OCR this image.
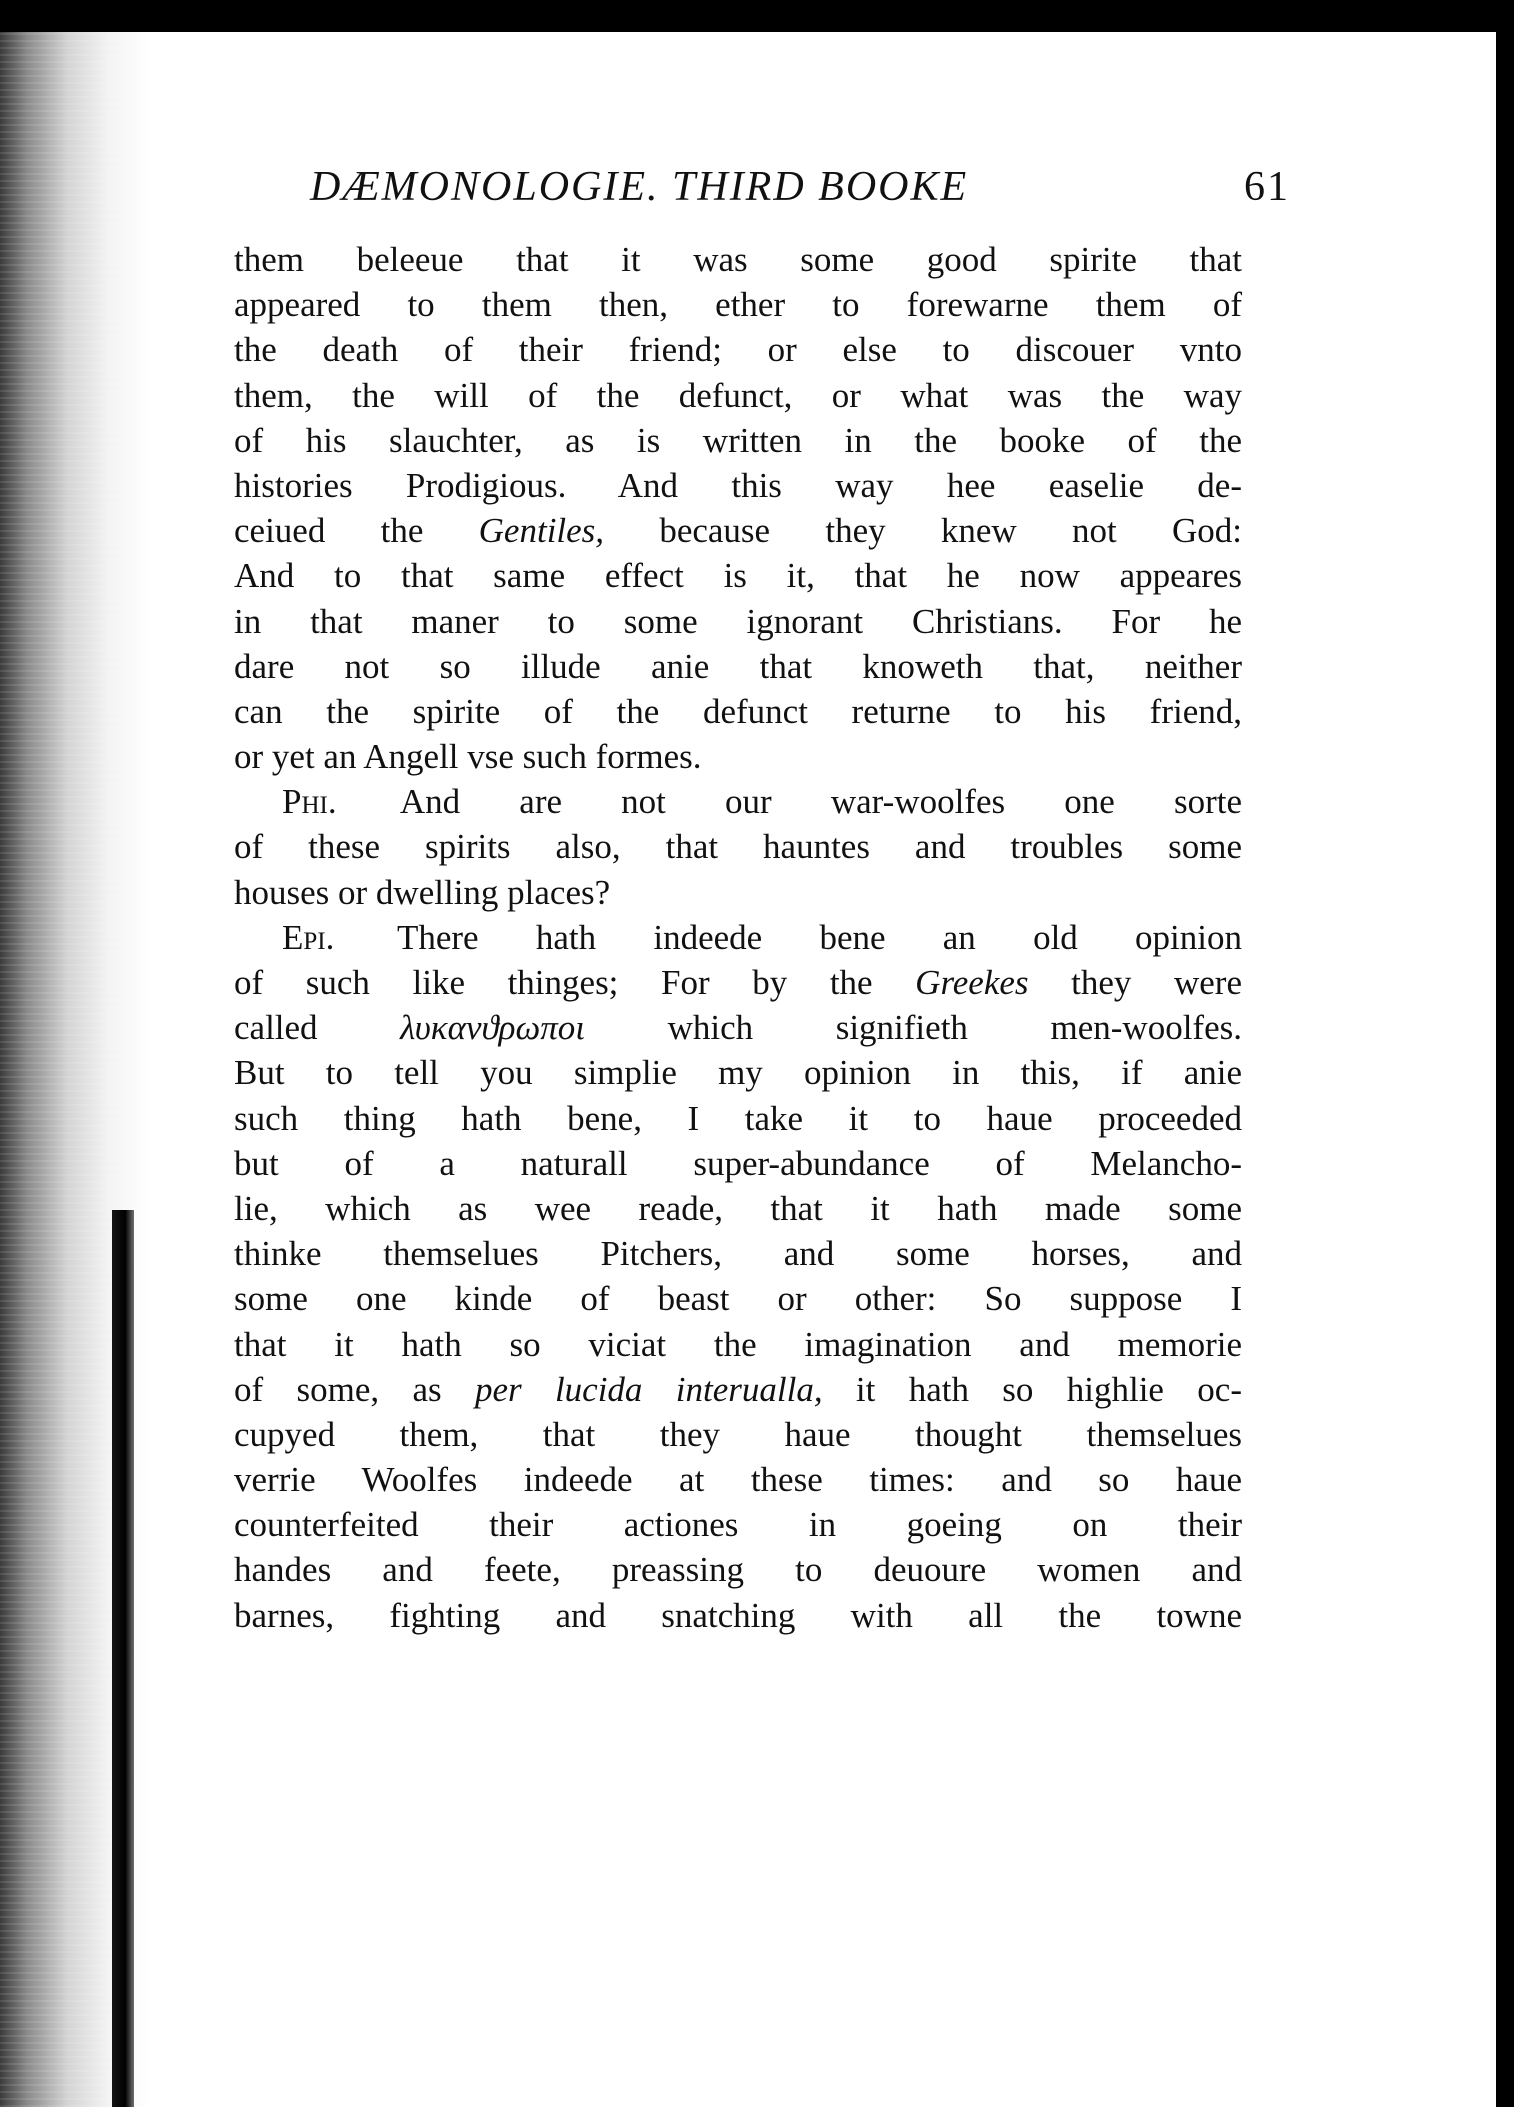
DÆMONOLOGIE. THIRD BOOKE	61
them beleeue that it was some good spirite that
appeared to them then, ether to forewarne them of
the death of their friend; or else to discouer vnto
them, the will of the defunct, or what was the way
of his slauchter, as is written in the booke of the
histories Prodigious. And this way hee easelie de-
ceiued the Gentiles, because they knew not God:
And to that same effect is it, that he now appeares
in that maner to some ignorant Christians. For he
dare not so illude anie that knoweth that, neither
can the spirite of the defunct returne to his friend,
or yet an Angell vse such formes.
Phi. And are not our war-woolfes one sorte
of these spirits also, that hauntes and troubles some
houses or dwelling places?
Epi. There hath indeede bene an old opinion
of such like thinges; For by the Greekes they were
called λυκανϑρωποι which signifieth men-woolfes.
But to tell you simplie my opinion in this, if anie
such thing hath bene, I take it to haue proceeded
but of a naturall super-abundance of Melancho-
lie, which as wee reade, that it hath made some
thinke themselues Pitchers, and some horses, and
some one kinde of beast or other: So suppose I
that it hath so viciat the imagination and memorie
of some, as per lucida interualla, it hath so highlie oc-
cupyed them, that they haue thought themselues
verrie Woolfes indeede at these times: and so haue
counterfeited their actiones in goeing on their
handes and feete, preassing to deuoure women and
barnes, fighting and snatching with all the towne
